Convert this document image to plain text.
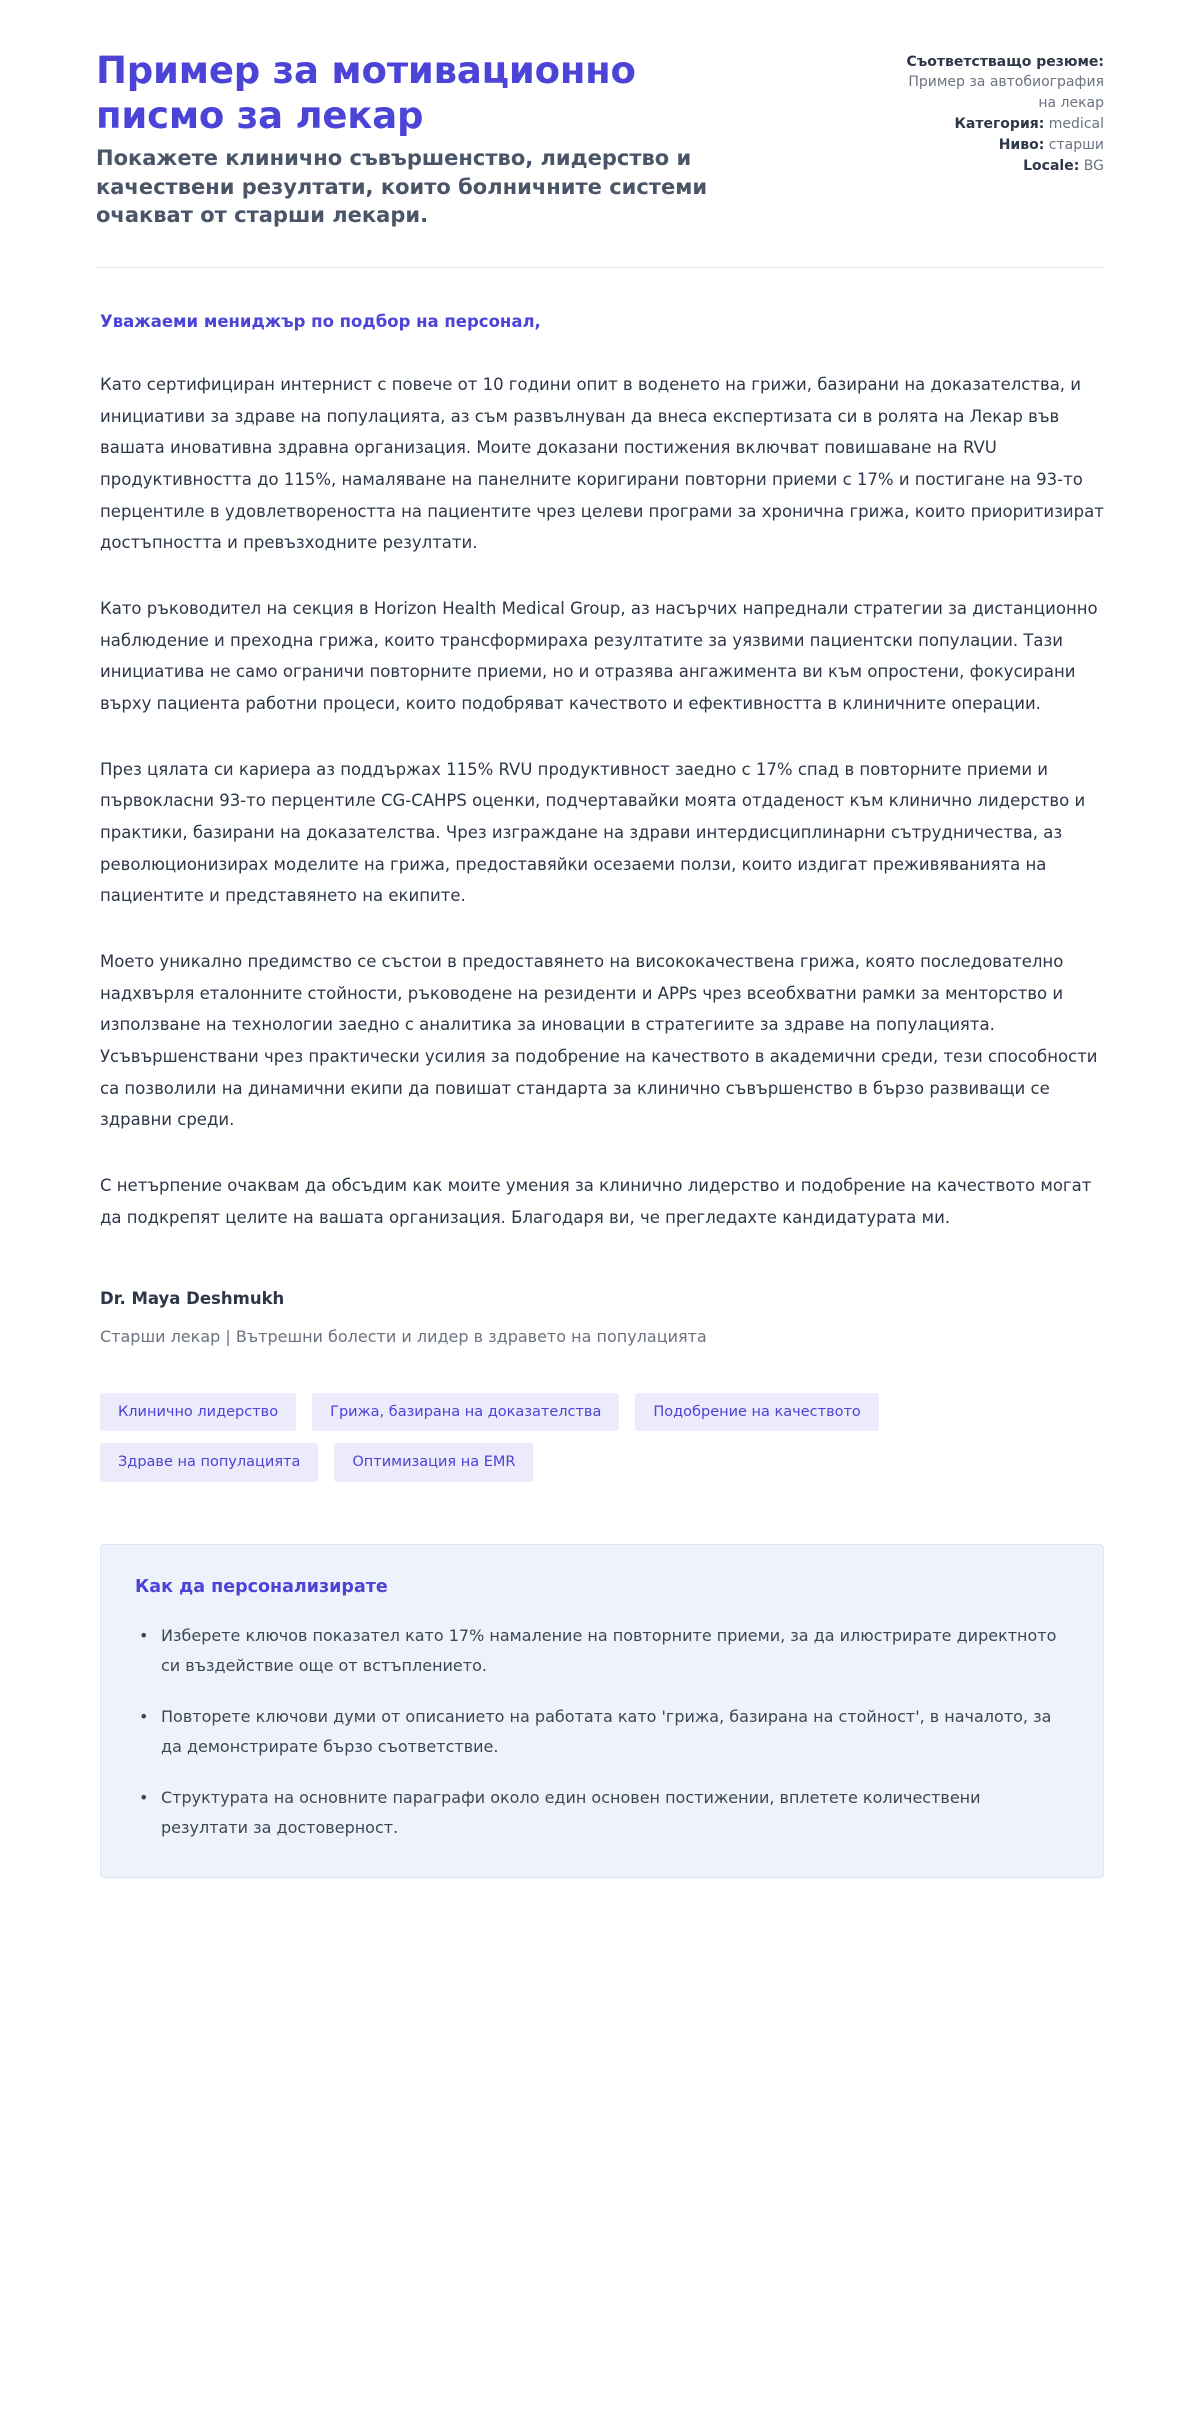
Пример за мотивационно писмо за лекар

Покажете клинично съвършенство, лидерство и качествени резултати, които болничните системи очакват от старши лекари.

Съответстващо резюме: Пример за автобиография на лекар
Категория: medical
Ниво: старши
Locale: BG

Уважаеми мениджър по подбор на персонал,

Като сертифициран интернист с повече от 10 години опит в воденето на грижи, базирани на доказателства, и инициативи за здраве на популацията, аз съм развълнуван да внеса експертизата си в ролята на Лекар във вашата иновативна здравна организация. Моите доказани постижения включват повишаване на RVU продуктивността до 115%, намаляване на панелните коригирани повторни приеми с 17% и постигане на 93-то перцентиле в удовлетвореността на пациентите чрез целеви програми за хронична грижа, които приоритизират достъпността и превъзходните резултати.

Като ръководител на секция в Horizon Health Medical Group, аз насърчих напреднали стратегии за дистанционно наблюдение и преходна грижа, които трансформираха резултатите за уязвими пациентски популации. Тази инициатива не само ограничи повторните приеми, но и отразява ангажимента ви към опростени, фокусирани върху пациента работни процеси, които подобряват качеството и ефективността в клиничните операции.

През цялата си кариера аз поддържах 115% RVU продуктивност заедно с 17% спад в повторните приеми и първокласни 93-то перцентиле CG-CAHPS оценки, подчертавайки моята отдаденост към клинично лидерство и практики, базирани на доказателства. Чрез изграждане на здрави интердисциплинарни сътрудничества, аз революционизирах моделите на грижа, предоставяйки осезаеми ползи, които издигат преживяванията на пациентите и представянето на екипите.

Моето уникално предимство се състои в предоставянето на висококачествена грижа, която последователно надхвърля еталонните стойности, ръководене на резиденти и APPs чрез всеобхватни рамки за менторство и използване на технологии заедно с аналитика за иновации в стратегиите за здраве на популацията. Усъвършенствани чрез практически усилия за подобрение на качеството в академични среди, тези способности са позволили на динамични екипи да повишат стандарта за клинично съвършенство в бързо развиващи се здравни среди.

С нетърпение очаквам да обсъдим как моите умения за клинично лидерство и подобрение на качеството могат да подкрепят целите на вашата организация. Благодаря ви, че прегледахте кандидатурата ми.

Dr. Maya Deshmukh

Старши лекар | Вътрешни болести и лидер в здравето на популацията

Клинично лидерство	Грижа, базирана на доказателства	Подобрение на качеството
Здраве на популацията	Оптимизация на EMR
Как да персонализирате
• Изберете ключов показател като 17% намаление на повторните приеми, за да илюстрирате директното си въздействие още от встъплението.
• Повторете ключови думи от описанието на работата като 'грижа, базирана на стойност', в началото, за да демонстрирате бързо съответствие.
• Структурата на основните параграфи около един основен постижении, вплетете количествени резултати за достоверност.
